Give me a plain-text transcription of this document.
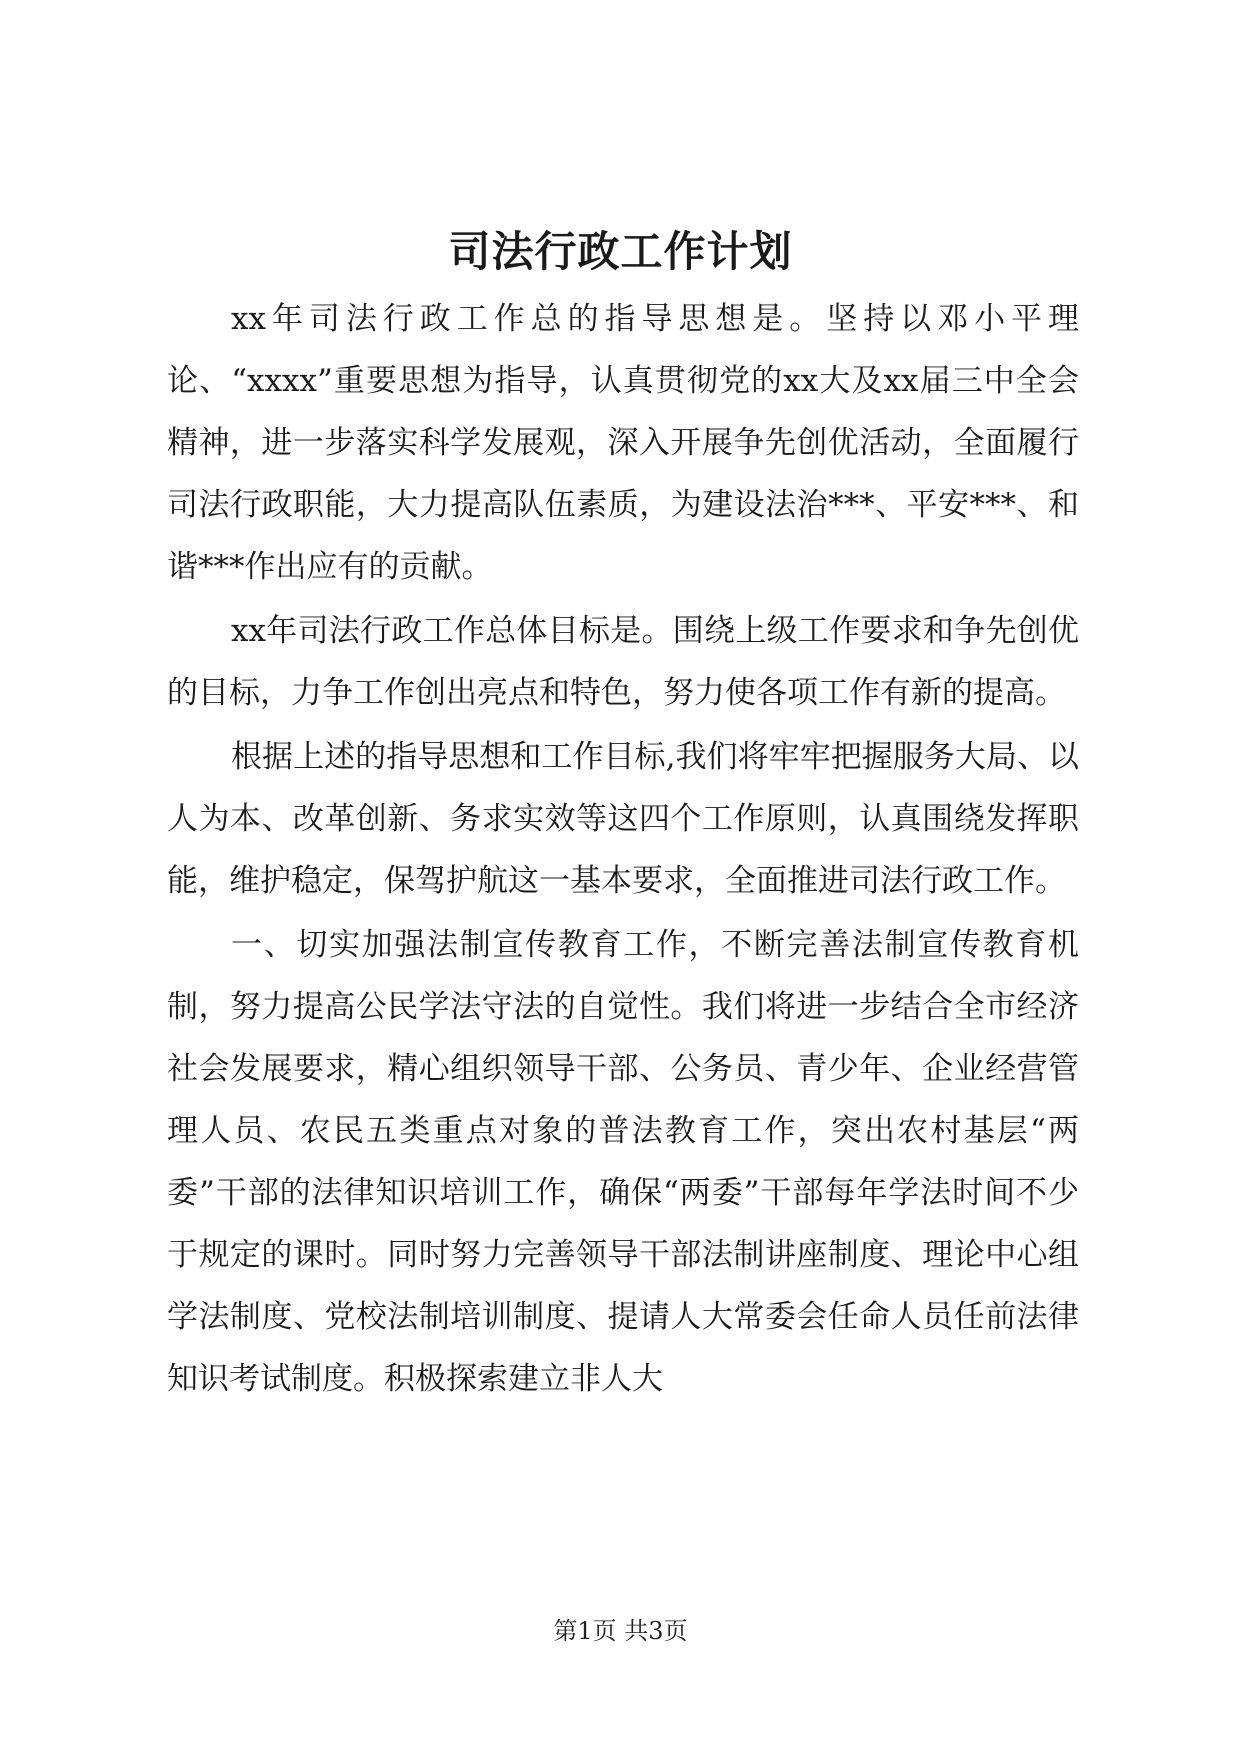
司法行政工作计划

xx年司法行政工作总的指导思想是。坚持以邓小平理论、“xxxx”重要思想为指导，认真贯彻党的xx大及xx届三中全会精神，进一步落实科学发展观，深入开展争先创优活动，全面履行司法行政职能，大力提高队伍素质，为建设法治***、平安***、和谐***作出应有的贡献。

xx年司法行政工作总体目标是。围绕上级工作要求和争先创优的目标，力争工作创出亮点和特色，努力使各项工作有新的提高。

根据上述的指导思想和工作目标,我们将牢牢把握服务大局、以人为本、改革创新、务求实效等这四个工作原则，认真围绕发挥职能，维护稳定，保驾护航这一基本要求，全面推进司法行政工作。

一、切实加强法制宣传教育工作，不断完善法制宣传教育机制，努力提高公民学法守法的自觉性。我们将进一步结合全市经济社会发展要求，精心组织领导干部、公务员、青少年、企业经营管理人员、农民五类重点对象的普法教育工作，突出农村基层“两委”干部的法律知识培训工作，确保“两委”干部每年学法时间不少于规定的课时。同时努力完善领导干部法制讲座制度、理论中心组学法制度、党校法制培训制度、提请人大常委会任命人员任前法律知识考试制度。积极探索建立非人大

第1页 共3页
